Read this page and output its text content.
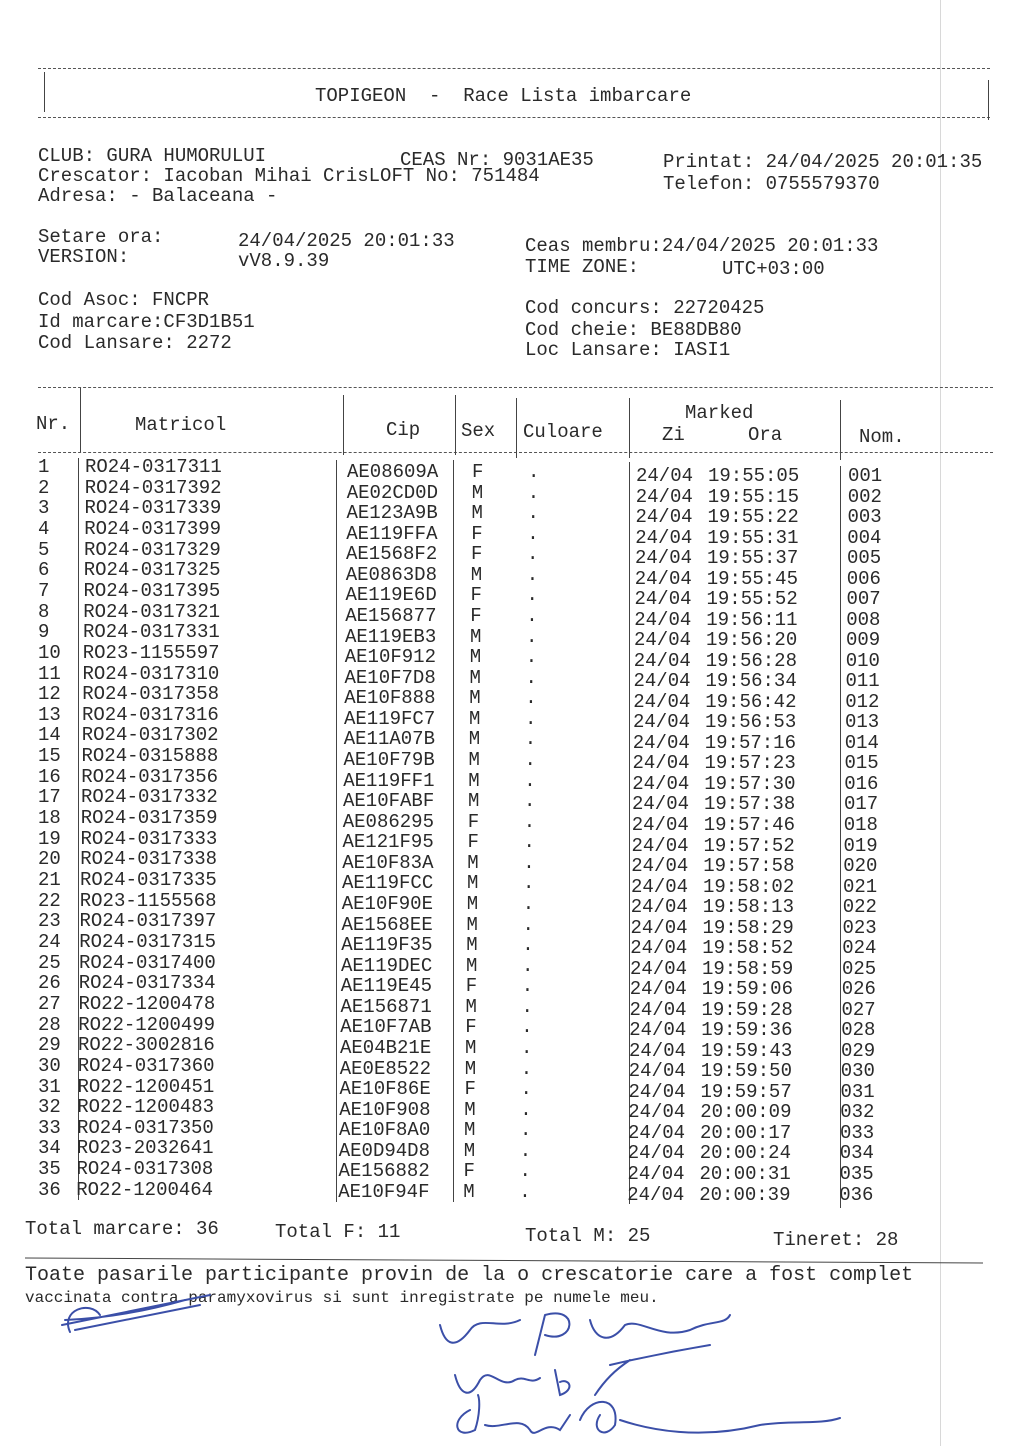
TOPIGEON  -  Race Lista imbarcare
CLUB: GURA HUMORULUI	CEAS Nr: 9031AE35	Printat: 24/04/2025 20:01:35
Crescator: Iacoban Mihai CrisLOFT No: 751484	Telefon: 0755579370
Adresa: - Balaceana -
Setare ora:	24/04/2025 20:01:33
VERSION:	vV8.9.39
Ceas membru:24/04/2025 20:01:33
TIME ZONE:	UTC+03:00
Cod Asoc: FNCPR
Id marcare:CF3D1B51
Cod Lansare: 2272
Cod concurs: 22720425
Cod cheie: BE88DB80
Loc Lansare: IASI1
Nr.	Matricol	Cip Sex Culoare
Marked
Zi	Ora	Nom.
1 RO24-0317311	AE08609A F .	24/04 19:55:05	001
2 RO24-0317392	AE02CD0D M .	24/04 19:55:15	002
3 RO24-0317339	AE123A9B M .	24/04 19:55:22	003
4 RO24-0317399	AE119FFA F .	24/04 19:55:31	004
5 RO24-0317329	AE1568F2 F .	24/04 19:55:37	005
6 RO24-0317325	AE0863D8 M .	24/04 19:55:45	006
7 RO24-0317395	AE119E6D F .	24/04 19:55:52	007
8 RO24-0317321	AE156877 F .	24/04 19:56:11	008
9 RO24-0317331	AE119EB3 M .	24/04 19:56:20	009
10 RO23-1155597	AE10F912 M .	24/04 19:56:28	010
11 RO24-0317310	AE10F7D8 M .	24/04 19:56:34	011
12 RO24-0317358	AE10F888 M .	24/04 19:56:42	012
13 RO24-0317316	AE119FC7 M .	24/04 19:56:53	013
14 RO24-0317302	AE11A07B M .	24/04 19:57:16	014
15 RO24-0315888	AE10F79B M .	24/04 19:57:23	015
16 RO24-0317356	AE119FF1 M .	24/04 19:57:30	016
17 RO24-0317332	AE10FABF M .	24/04 19:57:38	017
18 RO24-0317359	AE086295 F .	24/04 19:57:46	018
19 RO24-0317333	AE121F95 F .	24/04 19:57:52	019
20 RO24-0317338	AE10F83A M .	24/04 19:57:58	020
21 RO24-0317335	AE119FCC M .	24/04 19:58:02	021
22 RO23-1155568	AE10F90E M .	24/04 19:58:13	022
23 RO24-0317397	AE1568EE M .	24/04 19:58:29	023
24 RO24-0317315	AE119F35 M .	24/04 19:58:52	024
25 RO24-0317400	AE119DEC M .	24/04 19:58:59	025
26 RO24-0317334	AE119E45 F .	24/04 19:59:06	026
27 RO22-1200478	AE156871 M .	24/04 19:59:28	027
28 RO22-1200499	AE10F7AB F .	24/04 19:59:36	028
29 RO22-3002816	AE04B21E M .	24/04 19:59:43	029
30 RO24-0317360	AE0E8522 M .	24/04 19:59:50	030
31 RO22-1200451	AE10F86E F .	24/04 19:59:57	031
32 RO22-1200483	AE10F908 M .	24/04 20:00:09	032
33 RO24-0317350	AE10F8A0 M .	24/04 20:00:17	033
34 RO23-2032641	AE0D94D8 M .	24/04 20:00:24	034
35 RO24-0317308	AE156882 F .	24/04 20:00:31	035
36 RO22-1200464	AE10F94F M .	24/04 20:00:39	036
Total marcare: 36	Total F: 11	Total M: 25	Tineret: 28
Toate pasarile participante provin de la o crescatorie care a fost complet
vaccinata contra paramyxovirus si sunt inregistrate pe numele meu.
